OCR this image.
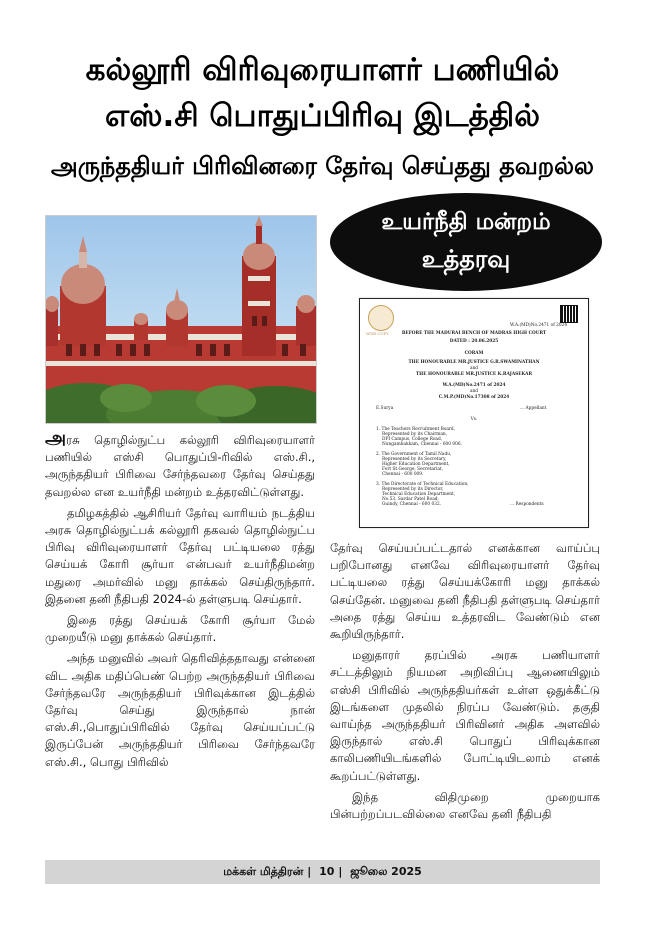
கல்லூரி விரிவுரையாளர் பணியில்
எஸ்.சி பொதுப்பிரிவு இடத்தில்
அருந்ததியர் பிரிவினரை தேர்வு செய்தது தவறல்ல
உயர்நீதி மன்றம்
உத்தரவு
WEB COPY
W.A.(MD)No.2471 of 2024
BEFORE THE MADURAI BENCH OF MADRAS HIGH COURT
DATED : 20.06.2025
CORAM
THE HONOURABLE MR.JUSTICE G.R.SWAMINATHAN
and
THE HONOURABLE MR.JUSTICE K.RAJASEKAR
W.A.(MD)No.2471 of 2024
and
C.M.P.(MD)No.17308 of 2024
E.Surya	... Appellant
Vs.
1. The Teachers Recruitment Board,
Represented by its Chairman,
DPI Campus, College Road,
Nungambakkam, Chennai - 600 006.
2. The Government of Tamil Nadu,
Represented by its Secretary,
Higher Education Department,
Fort St.George, Secretariat,
Chennai - 600 009.
3. The Directorate of Technical Education,
Represented by its Director,
Technical Education Department,
No.53, Sardar Patel Road,
Guindy, Chennai - 600 032.	... Respondents

அரசு தொழில்நுட்ப கல்லூரி விரிவுரையாளர் பணியில் எஸ்சி பொதுப்பி-ரிவில் எஸ்.சி., அருந்ததியர் பிரிவை சேர்ந்தவரை தேர்வு செய்தது தவறல்ல என உயர்நீதி மன்றம் உத்தரவிட்டுள்ளது.

தமிழகத்தில் ஆசிரியர் தேர்வு வாரியம் நடத்திய அரசு தொழில்நுட்பக் கல்லூரி தகவல் தொழில்நுட்ப பிரிவு விரிவுரையாளர் தேர்வு பட்டியலை ரத்து செய்யக் கோரி சூர்யா என்பவர் உயர்நீதிமன்ற மதுரை அமர்வில் மனு தாக்கல் செய்திருந்தார். இதனை தனி நீதிபதி 2024-ல் தள்ளுபடி செய்தார்.

இதை ரத்து செய்யக் கோரி சூர்யா மேல் முறையீடு மனு தாக்கல் செய்தார்.

அந்த மனுவில் அவர் தெரிவித்ததாவது என்னை விட அதிக மதிப்பெண் பெற்ற அருந்ததியர் பிரிவை சேர்ந்தவரே அருந்ததியர் பிரிவுக்கான இடத்தில் தேர்வு செய்து இருந்தால் நான் எஸ்.சி.,பொதுப்பிரிவில் தேர்வு செய்யப்பட்டு இருப்பேன் அருந்ததியர் பிரிவை சேர்ந்தவரே எஸ்.சி., பொது பிரிவில்

தேர்வு செய்யப்பட்டதால் எனக்கான வாய்ப்பு பறிபோனது எனவே விரிவுரையாளர் தேர்வு பட்டியலை ரத்து செய்யக்கோரி மனு தாக்கல் செய்தேன். மனுவை தனி நீதிபதி தள்ளுபடி செய்தார் அதை ரத்து செய்ய உத்தரவிட வேண்டும் என கூறியிருந்தார்.

மனுதாரர் தரப்பில் அரசு பணியாளர் சட்டத்திலும் நியமன அறிவிப்பு ஆணையிலும் எஸ்சி பிரிவில் அருந்ததியர்கள் உள்ள ஒதுக்கீட்டு இடங்களை முதலில் நிரப்ப வேண்டும். தகுதி வாய்ந்த அருந்ததியர் பிரிவினர் அதிக அளவில் இருந்தால் எஸ்.சி பொதுப் பிரிவுக்கான காலிபணியிடங்களில் போட்டியிடலாம் எனக் கூறப்பட்டுள்ளது.

இந்த விதிமுறை முறையாக பின்பற்றப்படவில்லை எனவே தனி நீதிபதி

மக்கள் மித்திரன் | 10 | ஜூலை 2025
